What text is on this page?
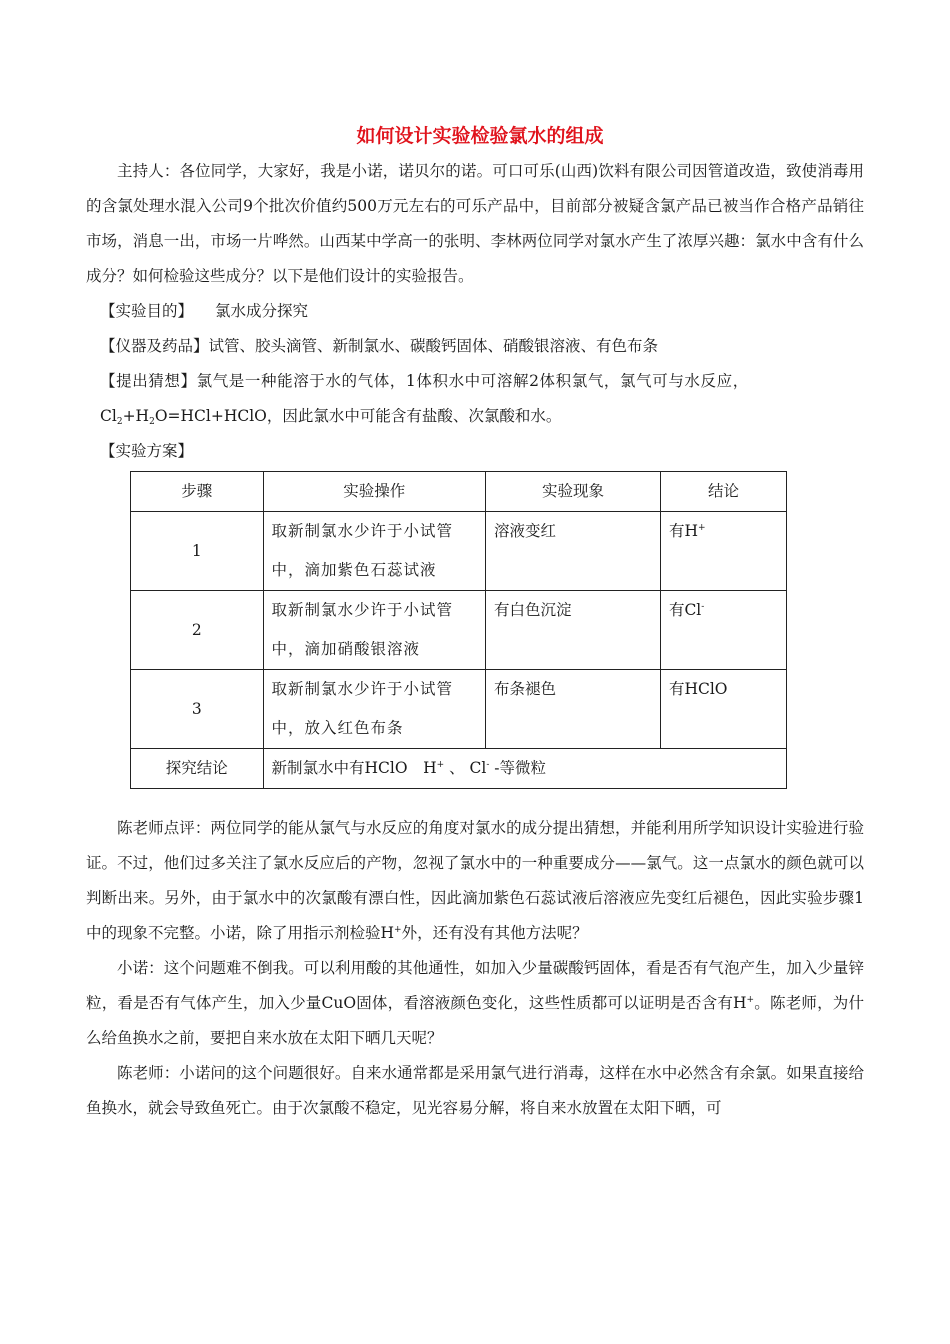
如何设计实验检验氯水的组成

主持人：各位同学，大家好，我是小诺，诺贝尔的诺。可口可乐(山西)饮料有限公司因管道改造，致使消毒用的含氯处理水混入公司9个批次价值约500万元左右的可乐产品中，目前部分被疑含氯产品已被当作合格产品销往市场，消息一出，市场一片哗然。山西某中学高一的张明、李林两位同学对氯水产生了浓厚兴趣：氯水中含有什么成分？如何检验这些成分？以下是他们设计的实验报告。

【实验目的】 氯水成分探究

【仪器及药品】试管、胶头滴管、新制氯水、碳酸钙固体、硝酸银溶液、有色布条

【提出猜想】氯气是一种能溶于水的气体，1体积水中可溶解2体积氯气，氯气可与水反应，
$Cl_2+H_2O=HCl+HClO$，因此氯水中可能含有盐酸、次氯酸和水。

【实验方案】

步骤	实验操作	实验现象	结论
1	取新制氯水少许于小试管中，滴加紫色石蕊试液	溶液变红	有H+
2	取新制氯水少许于小试管中，滴加硝酸银溶液	有白色沉淀	有Cl-
3	取新制氯水少许于小试管中，放入红色布条	布条褪色	有HClO
探究结论	新制氯水中有HClO　H+ 、 Cl- -等微粒		

陈老师点评：两位同学的能从氯气与水反应的角度对氯水的成分提出猜想，并能利用所学知识设计实验进行验证。不过，他们过多关注了氯水反应后的产物，忽视了氯水中的一种重要成分——氯气。这一点氯水的颜色就可以判断出来。另外，由于氯水中的次氯酸有漂白性，因此滴加紫色石蕊试液后溶液应先变红后褪色，因此实验步骤1中的现象不完整。小诺，除了用指示剂检验H+外，还有没有其他方法呢？

小诺：这个问题难不倒我。可以利用酸的其他通性，如加入少量碳酸钙固体，看是否有气泡产生，加入少量锌粒，看是否有气体产生，加入少量CuO固体，看溶液颜色变化，这些性质都可以证明是否含有H+。陈老师，为什么给鱼换水之前，要把自来水放在太阳下晒几天呢？

陈老师：小诺问的这个问题很好。自来水通常都是采用氯气进行消毒，这样在水中必然含有余氯。如果直接给鱼换水，就会导致鱼死亡。由于次氯酸不稳定，见光容易分解，将自来水放置在太阳下晒，可
